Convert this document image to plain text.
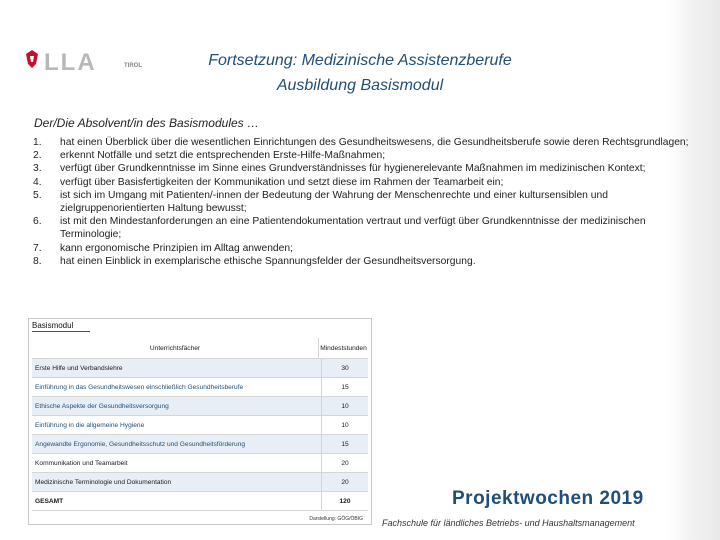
LLA	TIROL	Fortsetzung: Medizinische Assistenzberufe
Ausbildung Basismodul
Der/Die Absolvent/in des Basismodules …
1.	hat einen Überblick über die wesentlichen Einrichtungen des Gesundheitswesens, die Gesundheitsberufe sowie deren Rechtsgrundlagen;
2.	erkennt Notfälle und setzt die entsprechenden Erste-Hilfe-Maßnahmen;
3.	verfügt über Grundkenntnisse im Sinne eines Grundverständnisses für hygienerelevante Maßnahmen im medizinischen Kontext;
4.	verfügt über Basisfertigkeiten der Kommunikation und setzt diese im Rahmen der Teamarbeit ein;
5.	ist sich im Umgang mit Patienten/-innen der Bedeutung der Wahrung der Menschenrechte und einer kultursensiblen und zielgruppenorientierten Haltung bewusst;
6.	ist mit den Mindestanforderungen an eine Patientendokumentation vertraut und verfügt über Grundkenntnisse der medizinischen Terminologie;
7.	kann ergonomische Prinzipien im Alltag anwenden;
8.	hat einen Einblick in exemplarische ethische Spannungsfelder der Gesundheitsversorgung.
Basismodul
Unterrichtsfächer	Mindeststunden
Erste Hilfe und Verbandslehre	30
Einführung in das Gesundheitswesen einschließlich Gesundheitsberufe	15
Ethische Aspekte der Gesundheitsversorgung	10
Einführung in die allgemeine Hygiene	10
Angewandte Ergonomie, Gesundheitsschutz und Gesundheitsförderung	15
Kommunikation und Teamarbeit	20
Medizinische Terminologie und Dokumentation	20
GESAMT	120
Darstellung: GÖG/ÖBIG
Projektwochen 2019
Fachschule für ländliches Betriebs- und Haushaltsmanagement
